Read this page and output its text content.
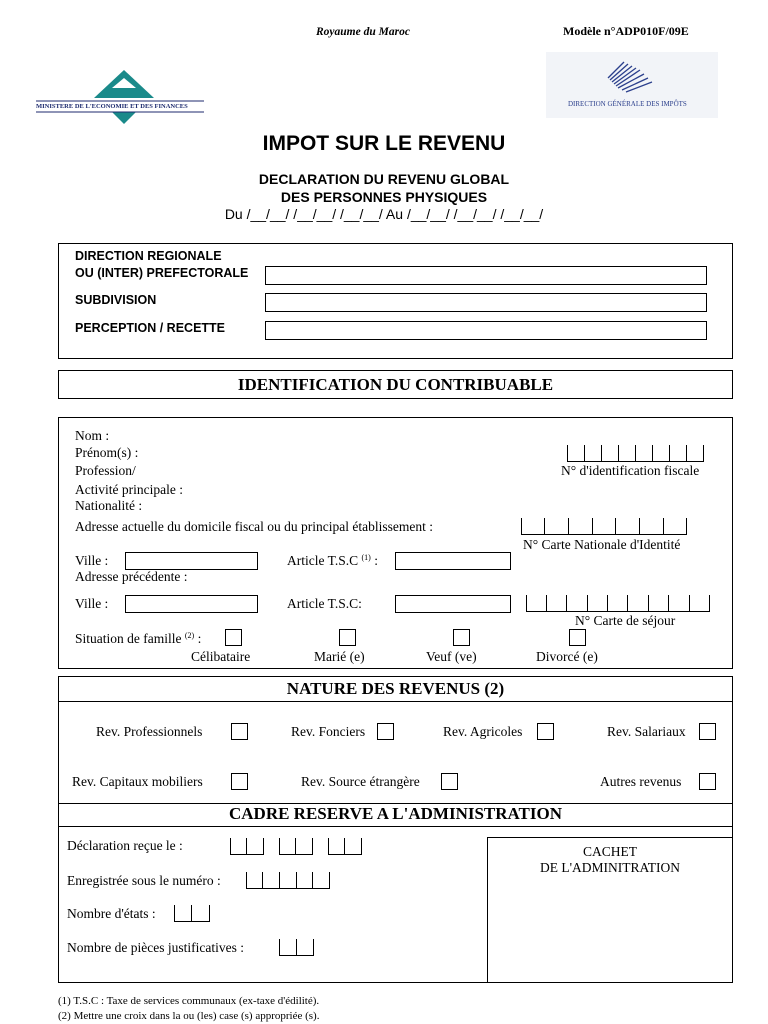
Royaume du Maroc	Modèle n°ADP010F/09E
MINISTERE DE L'ECONOMIE ET DES FINANCES	DIRECTION GÉNÉRALE DES IMPÔTS
IMPOT SUR LE REVENU
DECLARATION DU REVENU GLOBAL
DES PERSONNES PHYSIQUES
Du /__/__/ /__/__/ /__/__/ Au /__/__/ /__/__/ /__/__/
DIRECTION REGIONALE
OU (INTER) PREFECTORALE
SUBDIVISION
PERCEPTION / RECETTE
IDENTIFICATION DU CONTRIBUABLE
Nom :
Prénom(s) :
Profession/
Activité principale :
Nationalité :
Adresse actuelle du domicile fiscal ou du principal établissement :
N° d'identification fiscale
N° Carte Nationale d'Identité
Ville :	Article T.S.C $^{(1)}$ :
Adresse précédente :
Ville :	Article T.S.C:
N° Carte de séjour
Situation de famille $^{(2)}$ :
Célibataire	Marié (e)	Veuf (ve)	Divorcé (e)
NATURE DES REVENUS (2)
Rev. Professionnels	Rev. Fonciers	Rev. Agricoles	Rev. Salariaux
Rev. Capitaux mobiliers	Rev. Source étrangère	Autres revenus
CADRE RESERVE A L'ADMINISTRATION
Déclaration reçue le :
Enregistrée sous le numéro :
Nombre d'états :
Nombre de pièces justificatives :
CACHET
DE L'ADMINITRATION
(1) T.S.C : Taxe de services communaux (ex-taxe d'édilité).
(2) Mettre une croix dans la ou (les) case (s) appropriée (s).
